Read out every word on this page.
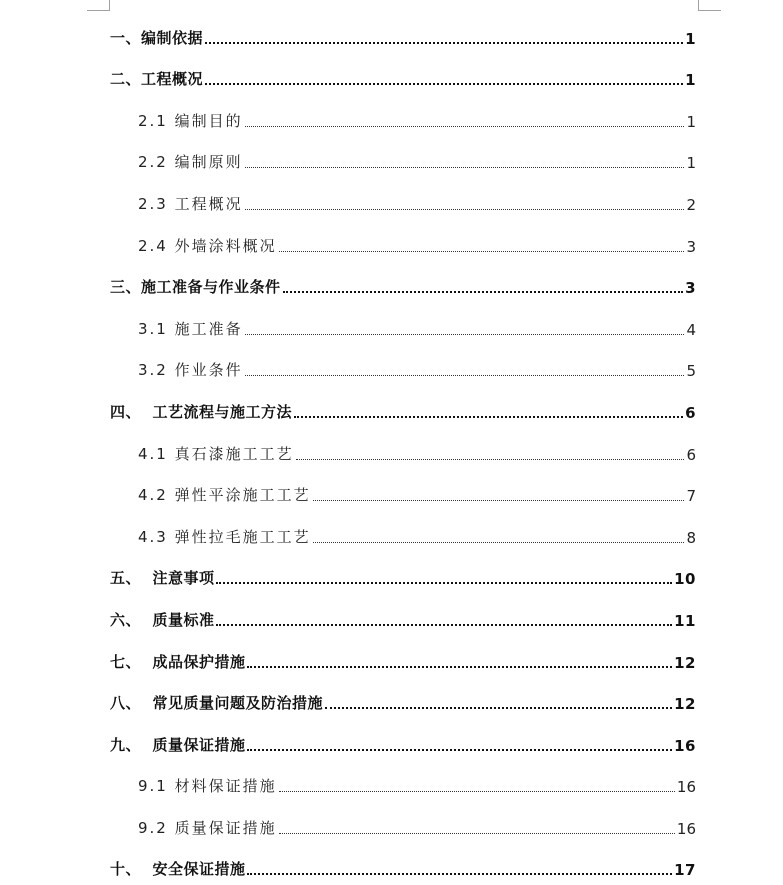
一、编制依据	1
二、工程概况	1
2.1 编制目的	1
2.2 编制原则	1
2.3 工程概况	2
2.4 外墙涂料概况	3
三、施工准备与作业条件	3
3.1 施工准备	4
3.2 作业条件	5
四、  工艺流程与施工方法	6
4.1 真石漆施工工艺	6
4.2 弹性平涂施工工艺	7
4.3 弹性拉毛施工工艺	8
五、  注意事项	10
六、  质量标准	11
七、  成品保护措施	12
八、  常见质量问题及防治措施	12
九、  质量保证措施	16
9.1 材料保证措施	16
9.2 质量保证措施	16
十、  安全保证措施	17
